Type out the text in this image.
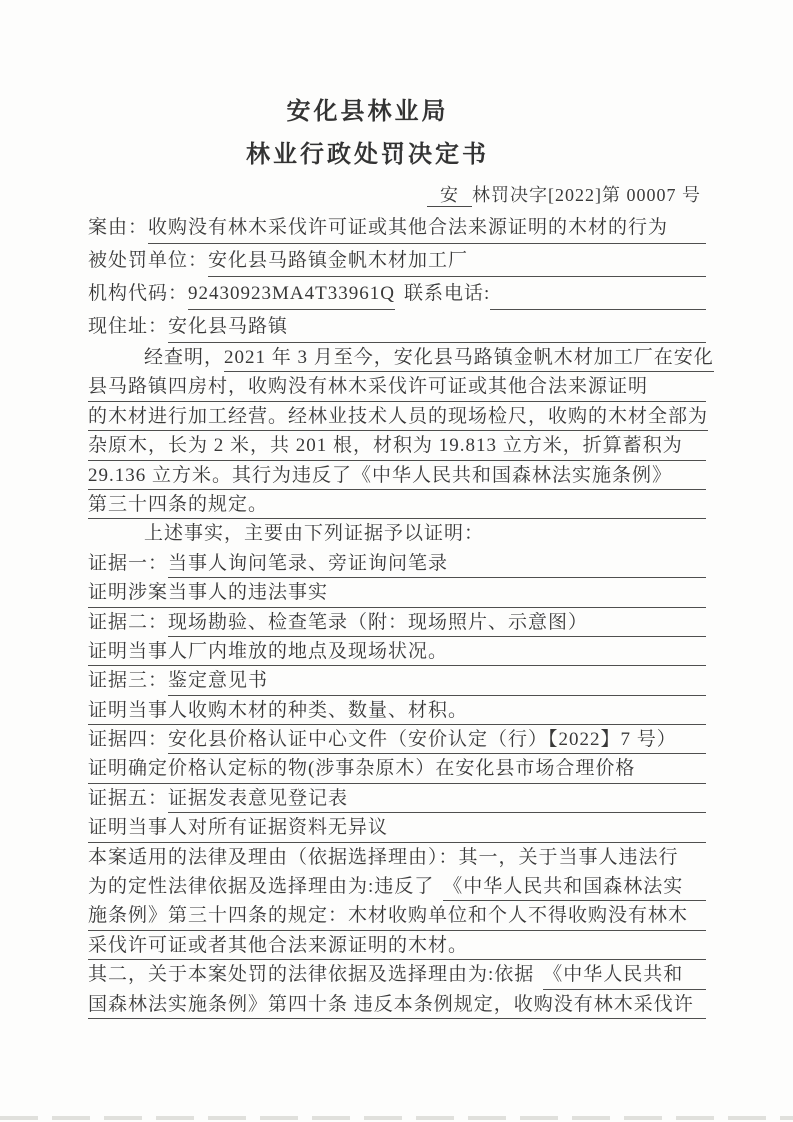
安化县林业局
林业行政处罚决定书
安 林罚决字[2022]第 00007 号
案由： 收购没有林木采伐许可证或其他合法来源证明的木材的行为
被处罚单位： 安化县马路镇金帆木材加工厂
机构代码： 92430923MA4T33961Q 联系电话:
现住址： 安化县马路镇
经查明， 2021 年 3 月至今，安化县马路镇金帆木材加工厂在安化
县马路镇四房村，收购没有林木采伐许可证或其他合法来源证明
的木材进行加工经营。经林业技术人员的现场检尺，收购的木材全部为
杂原木，长为 2 米，共 201 根，材积为 19.813 立方米，折算蓄积为
29.136 立方米。其行为违反了《中华人民共和国森林法实施条例》
第三十四条的规定。
上述事实，主要由下列证据予以证明：
证据一： 当事人询问笔录、旁证询问笔录
证明涉案当事人的违法事实
证据二： 现场勘验、检查笔录（附：现场照片、示意图）
证明当事人厂内堆放的地点及现场状况。
证据三： 鉴定意见书
证明当事人收购木材的种类、数量、材积。
证据四： 安化县价格认证中心文件（安价认定（行）【2022】7 号）
证明确定价格认定标的物(涉事杂原木）在安化县市场合理价格
证据五： 证据发表意见登记表
证明当事人对所有证据资料无异议
本案适用的法律及理由（依据选择理由）：其一，关于当事人违法行
为的定性法律依据及选择理由为:违反了 《中华人民共和国森林法实
施条例》第三十四条的规定：木材收购单位和个人不得收购没有林木
采伐许可证或者其他合法来源证明的木材。
其二，关于本案处罚的法律依据及选择理由为:依据 《中华人民共和
国森林法实施条例》第四十条 违反本条例规定，收购没有林木采伐许
